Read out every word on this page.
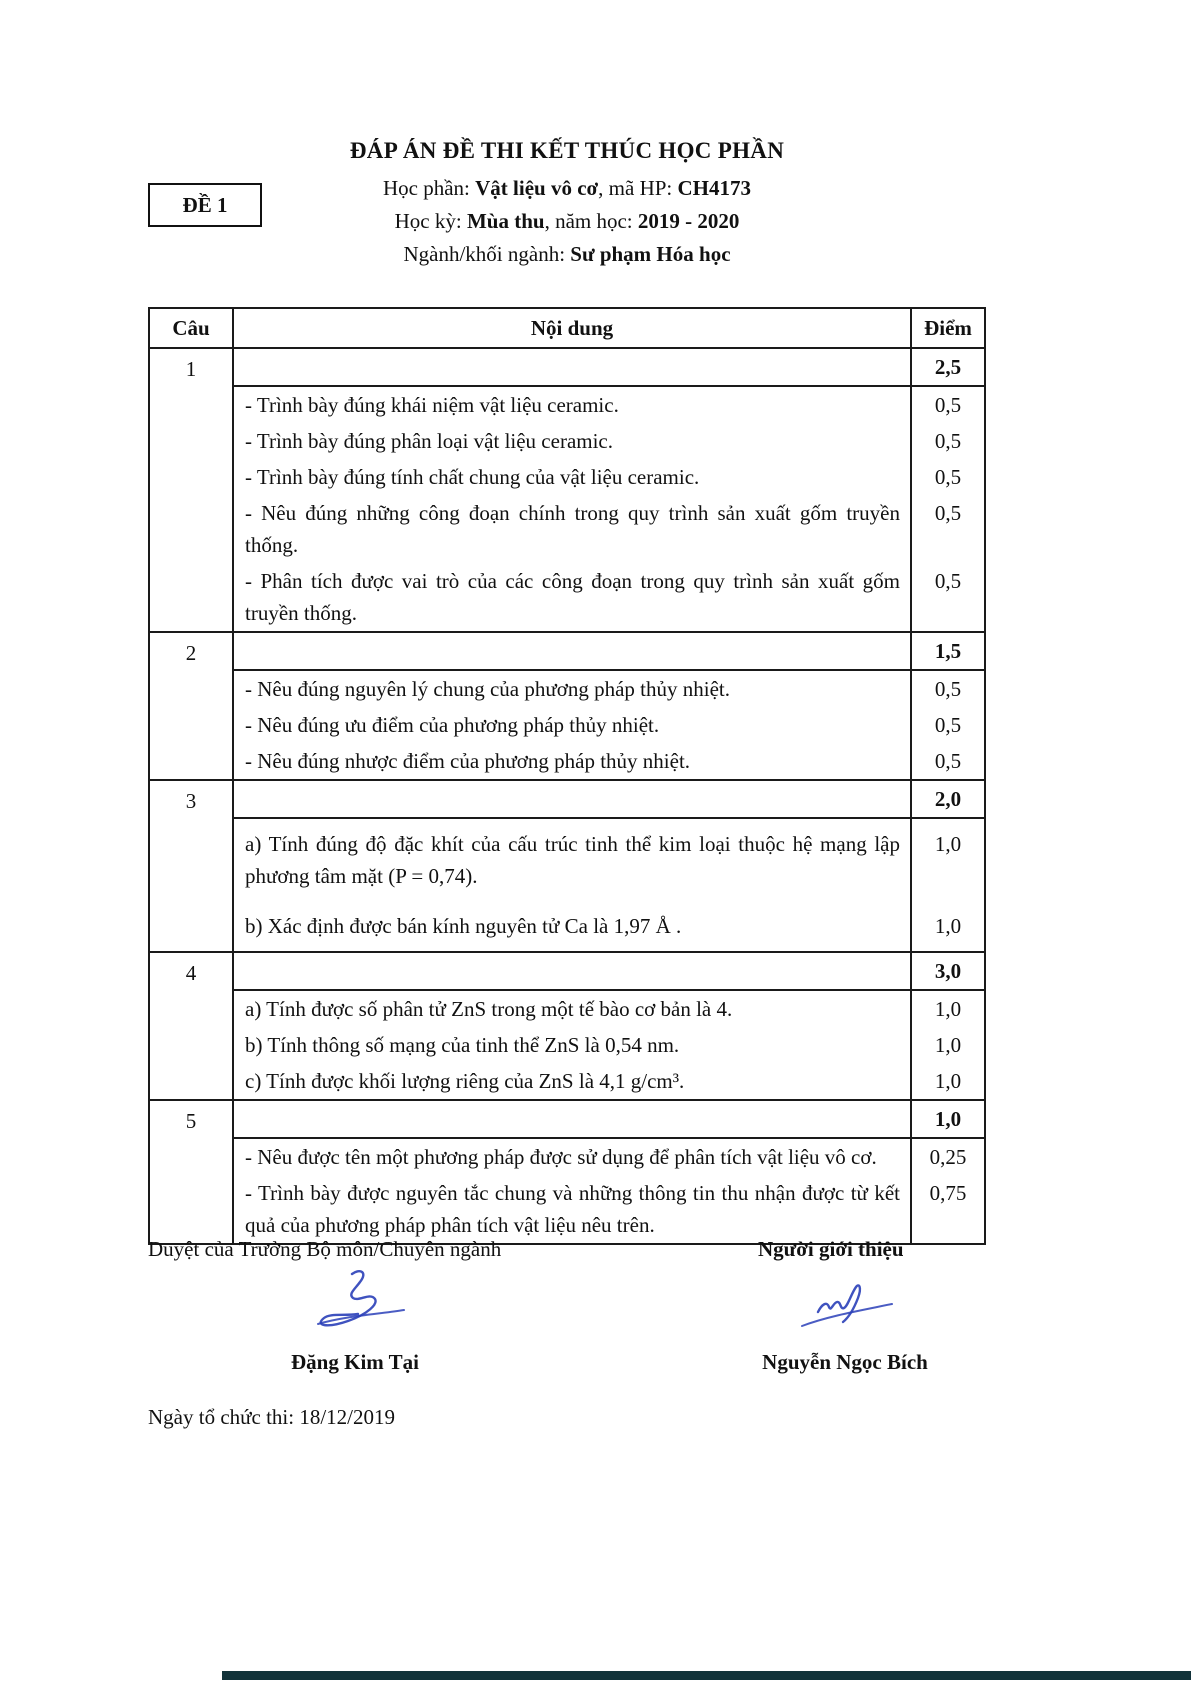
ĐỀ 1
ĐÁP ÁN ĐỀ THI KẾT THÚC HỌC PHẦN
Học phần: Vật liệu vô cơ, mã HP: CH4173
Học kỳ: Mùa thu, năm học: 2019 - 2020
Ngành/khối ngành: Sư phạm Hóa học
Câu	Nội dung	Điểm
1		2,5
	- Trình bày đúng khái niệm vật liệu ceramic.	0,5
	- Trình bày đúng phân loại vật liệu ceramic.	0,5
	- Trình bày đúng tính chất chung của vật liệu ceramic.	0,5
	- Nêu đúng những công đoạn chính trong quy trình sản xuất gốm truyền thống.	0,5
	- Phân tích được vai trò của các công đoạn trong quy trình sản xuất gốm truyền thống.	0,5
2		1,5
	- Nêu đúng nguyên lý chung của phương pháp thủy nhiệt.	0,5
	- Nêu đúng ưu điểm của phương pháp thủy nhiệt.	0,5
	- Nêu đúng nhược điểm của phương pháp thủy nhiệt.	0,5
3		2,0
	a) Tính đúng độ đặc khít của cấu trúc tinh thể kim loại thuộc hệ mạng lập phương tâm mặt (P = 0,74).	1,0
	b) Xác định được bán kính nguyên tử Ca là 1,97 Å .	1,0
4		3,0
	a) Tính được số phân tử ZnS trong một tế bào cơ bản là 4.	1,0
	b) Tính thông số mạng của tinh thể ZnS là 0,54 nm.	1,0
	c) Tính được khối lượng riêng của ZnS là 4,1 g/cm³.	1,0
5		1,0
	- Nêu được tên một phương pháp được sử dụng để phân tích vật liệu vô cơ.	0,25
	- Trình bày được nguyên tắc chung và những thông tin thu nhận được từ kết quả của phương pháp phân tích vật liệu nêu trên.	0,75
Duyệt của Trưởng Bộ môn/Chuyên ngành	Người giới thiệu
Đặng Kim Tại	Nguyễn Ngọc Bích
Ngày tổ chức thi: 18/12/2019
